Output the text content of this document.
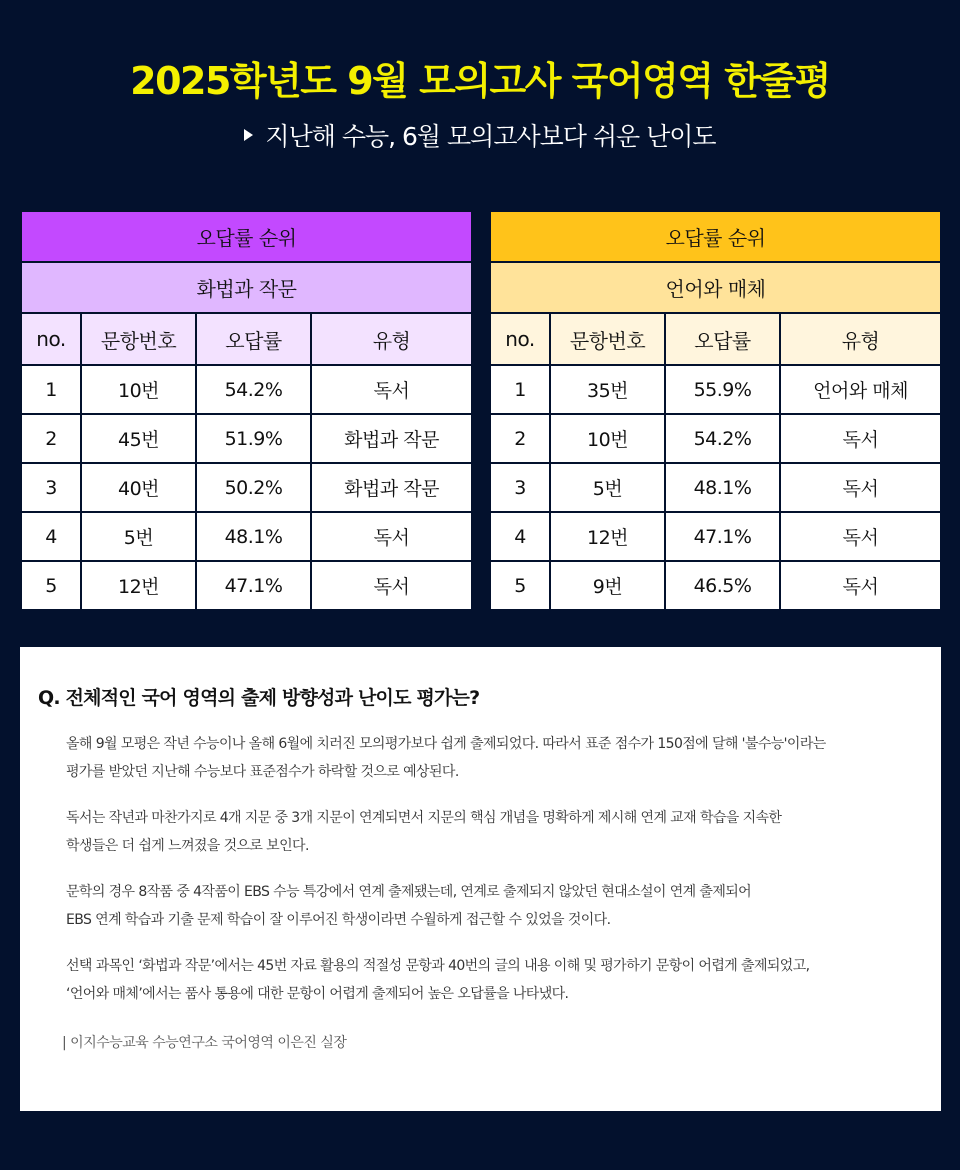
2025학년도 9월 모의고사 국어영역 한줄평
지난해 수능, 6월 모의고사보다 쉬운 난이도
오답률 순위			
화법과 작문			
no.	문항번호	오답률	유형
1	10번	54.2%	독서
2	45번	51.9%	화법과 작문
3	40번	50.2%	화법과 작문
4	5번	48.1%	독서
5	12번	47.1%	독서
오답률 순위			
언어와 매체			
no.	문항번호	오답률	유형
1	35번	55.9%	언어와 매체
2	10번	54.2%	독서
3	5번	48.1%	독서
4	12번	47.1%	독서
5	9번	46.5%	독서
Q. 전체적인 국어 영역의 출제 방향성과 난이도 평가는?

올해 9월 모평은 작년 수능이나 올해 6월에 치러진 모의평가보다 쉽게 출제되었다. 따라서 표준 점수가 150점에 달해 '불수능'이라는
평가를 받았던 지난해 수능보다 표준점수가 하락할 것으로 예상된다.

독서는 작년과 마찬가지로 4개 지문 중 3개 지문이 연계되면서 지문의 핵심 개념을 명확하게 제시해 연계 교재 학습을 지속한
학생들은 더 쉽게 느껴졌을 것으로 보인다.

문학의 경우 8작품 중 4작품이 EBS 수능 특강에서 연계 출제됐는데, 연계로 출제되지 않았던 현대소설이 연계 출제되어
EBS 연계 학습과 기출 문제 학습이 잘 이루어진 학생이라면 수월하게 접근할 수 있었을 것이다.

선택 과목인 ‘화법과 작문’에서는 45번 자료 활용의 적절성 문항과 40번의 글의 내용 이해 및 평가하기 문항이 어렵게 출제되었고,
‘언어와 매체’에서는 품사 통용에 대한 문항이 어렵게 출제되어 높은 오답률을 나타냈다.

| 이지수능교육 수능연구소 국어영역 이은진 실장
